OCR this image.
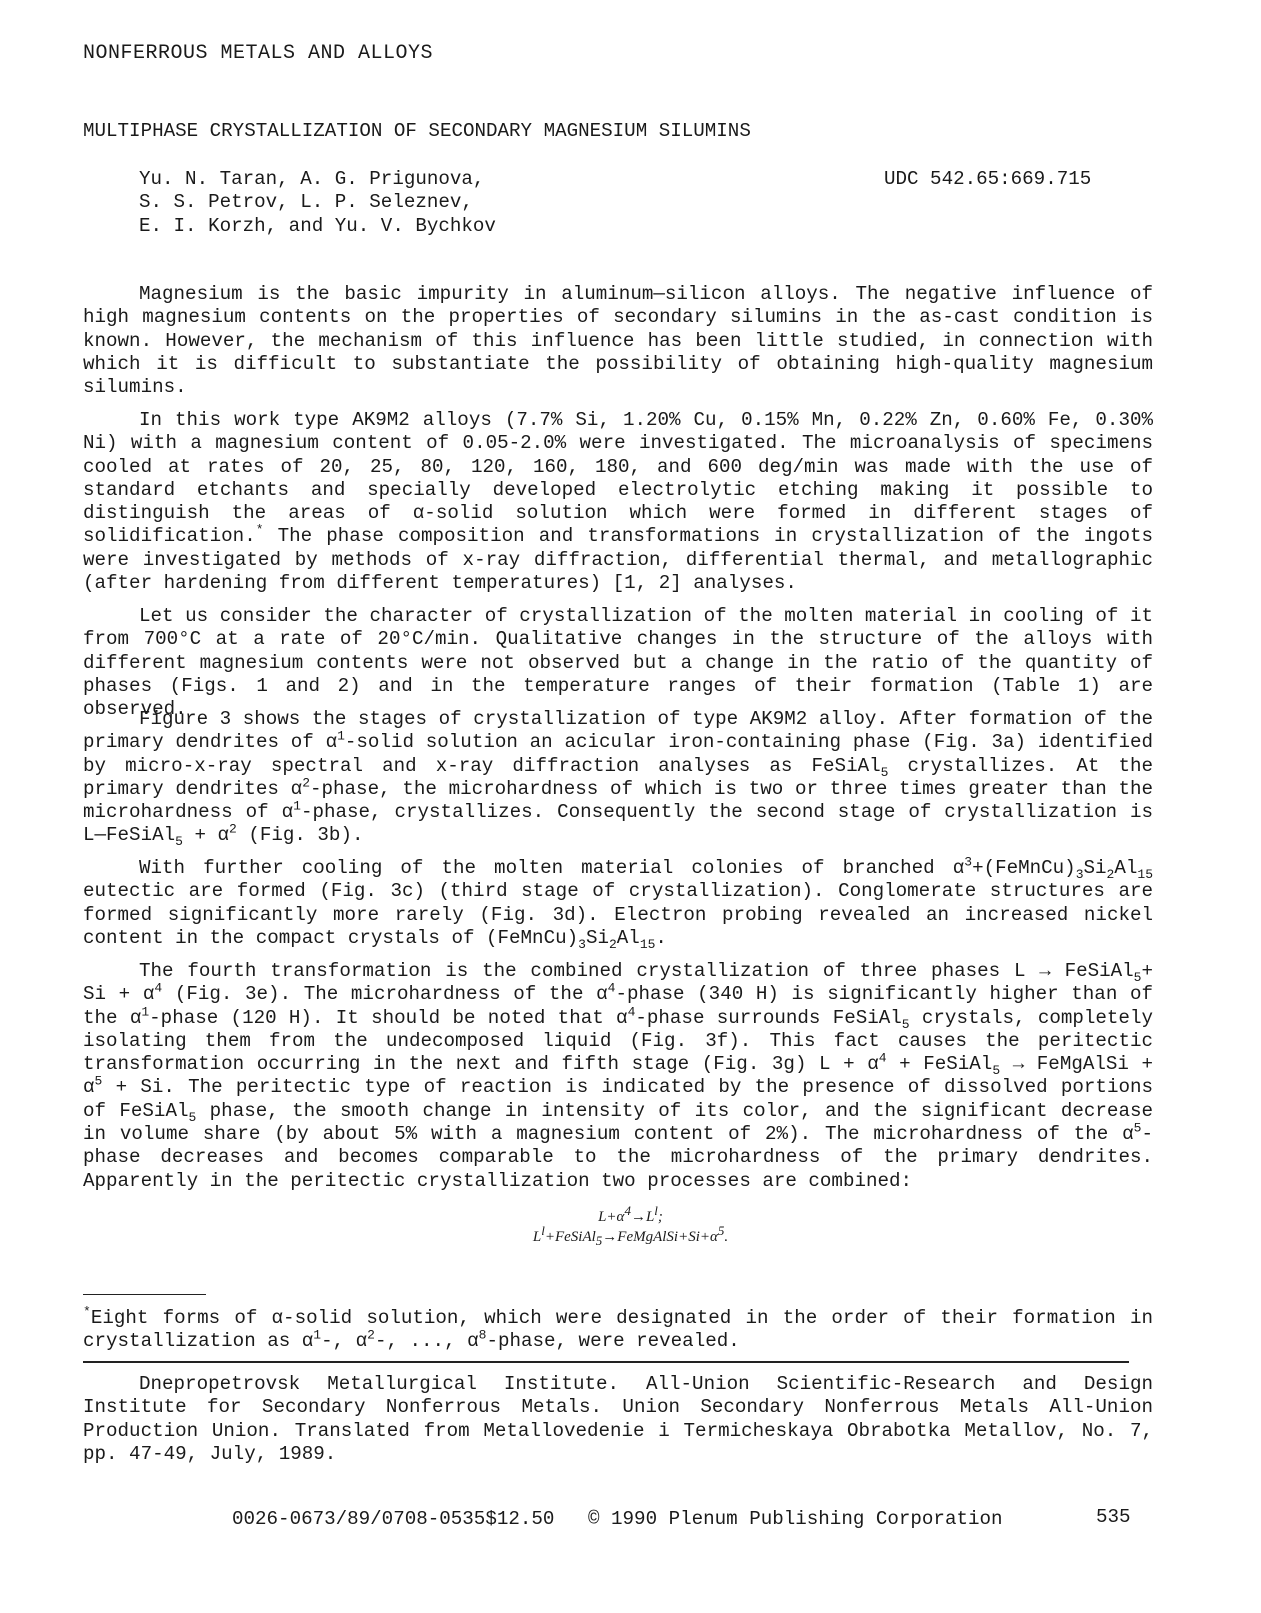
NONFERROUS METALS AND ALLOYS
MULTIPHASE CRYSTALLIZATION OF SECONDARY MAGNESIUM SILUMINS
Yu. N. Taran, A. G. Prigunova,
S. S. Petrov, L. P. Seleznev,
E. I. Korzh, and Yu. V. Bychkov
UDC 542.65:669.715

Magnesium is the basic impurity in aluminum—silicon alloys. The negative influence of high magnesium contents on the properties of secondary silumins in the as-cast condition is known. However, the mechanism of this influence has been little studied, in connection with which it is difficult to substantiate the possibility of obtaining high-quality magnesium silumins.

In this work type AK9M2 alloys (7.7% Si, 1.20% Cu, 0.15% Mn, 0.22% Zn, 0.60% Fe, 0.30% Ni) with a magnesium content of 0.05-2.0% were investigated. The microanalysis of specimens cooled at rates of 20, 25, 80, 120, 160, 180, and 600 deg/min was made with the use of standard etchants and specially developed electrolytic etching making it possible to distinguish the areas of α-solid solution which were formed in different stages of solidification.* The phase composition and transformations in crystallization of the ingots were investigated by methods of x-ray diffraction, differential thermal, and metallographic (after hardening from different temperatures) [1, 2] analyses.

Let us consider the character of crystallization of the molten material in cooling of it from 700°C at a rate of 20°C/min. Qualitative changes in the structure of the alloys with different magnesium contents were not observed but a change in the ratio of the quantity of phases (Figs. 1 and 2) and in the temperature ranges of their formation (Table 1) are observed.

Figure 3 shows the stages of crystallization of type AK9M2 alloy. After formation of the primary dendrites of $\alpha^1$-solid solution an acicular iron-containing phase (Fig. 3a) identified by micro-x-ray spectral and x-ray diffraction analyses as FeSiAl$_5$ crystallizes. At the primary dendrites $\alpha^2$-phase, the microhardness of which is two or three times greater than the microhardness of $\alpha^1$-phase, crystallizes. Consequently the second stage of crystallization is L—FeSiAl$_5$ + $\alpha^2$ (Fig. 3b).

With further cooling of the molten material colonies of branched $\alpha^3+(FeMnCu)_3Si_2Al_{15}$ eutectic are formed (Fig. 3c) (third stage of crystallization). Conglomerate structures are formed significantly more rarely (Fig. 3d). Electron probing revealed an increased nickel content in the compact crystals of $(FeMnCu)_3Si_2Al_{15}$.

The fourth transformation is the combined crystallization of three phases L → FeSiAl$_5$+ $Si + \alpha^4$ (Fig. 3e). The microhardness of the $\alpha^4$-phase (340 H) is significantly higher than of the $\alpha^1$-phase (120 H). It should be noted that $\alpha^4$-phase surrounds FeSiAl$_5$ crystals, completely isolating them from the undecomposed liquid (Fig. 3f). This fact causes the peritectic transformation occurring in the next and fifth stage (Fig. 3g) $L + \alpha^4$ + FeSiAl$_5$ → FeMgAlSi + $\alpha^5 + Si$. The peritectic type of reaction is indicated by the presence of dissolved portions of FeSiAl$_5$ phase, the smooth change in intensity of its color, and the significant decrease in volume share (by about 5% with a magnesium content of 2%). The microhardness of the $\alpha^5$-phase decreases and becomes comparable to the microhardness of the primary dendrites. Apparently in the peritectic crystallization two processes are combined:

$L+\alpha^4\to L^l$;
$L^l+FeSiAl_5\to FeMgAlSi+Si+\alpha^5$.

*Eight forms of α-solid solution, which were designated in the order of their formation in crystallization as $\alpha^1-$, $\alpha^2-$, ..., $\alpha^8$-phase, were revealed.

Dnepropetrovsk Metallurgical Institute. All-Union Scientific-Research and Design Institute for Secondary Nonferrous Metals. Union Secondary Nonferrous Metals All-Union Production Union. Translated from Metallovedenie i Termicheskaya Obrabotka Metallov, No. 7, pp. 47-49, July, 1989.

0026-0673/89/0708-0535$12.50 © 1990 Plenum Publishing Corporation	535
